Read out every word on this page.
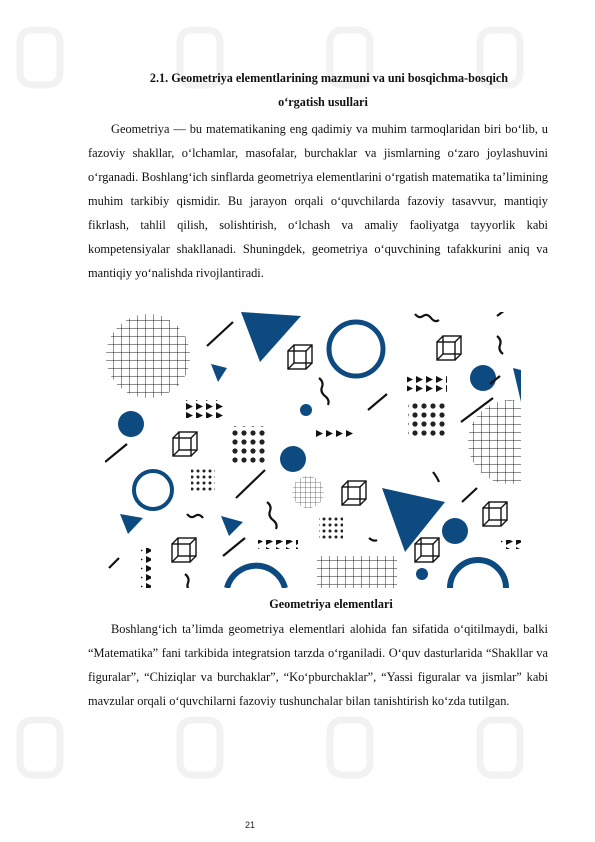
2.1. Geometriya elementlarining mazmuni va uni bosqichma-bosqich
o‘rgatish usullari
Geometriya — bu matematikaning eng qadimiy va muhim tarmoqlaridan biri bo‘lib, u fazoviy shakllar, o‘lchamlar, masofalar, burchaklar va jismlarning o‘zaro joylashuvini o‘rganadi. Boshlang‘ich sinflarda geometriya elementlarini o‘rgatish matematika ta’limining muhim tarkibiy qismidir. Bu jarayon orqali o‘quvchilarda fazoviy tasavvur, mantiqiy fikrlash, tahlil qilish, solishtirish, o‘lchash va amaliy faoliyatga tayyorlik kabi kompetensiyalar shakllanadi. Shuningdek, geometriya o‘quvchining tafakkurini aniq va mantiqiy yo‘nalishda rivojlantiradi.
Geometriya elementlari
Boshlang‘ich ta’limda geometriya elementlari alohida fan sifatida o‘qitilmaydi, balki “Matematika” fani tarkibida integratsion tarzda o‘rganiladi. O‘quv dasturlarida “Shakllar va figuralar”, “Chiziqlar va burchaklar”, “Ko‘pburchaklar”, “Yassi figuralar va jismlar” kabi mavzular orqali o‘quvchilarni fazoviy tushunchalar bilan tanishtirish ko‘zda tutilgan.
21
